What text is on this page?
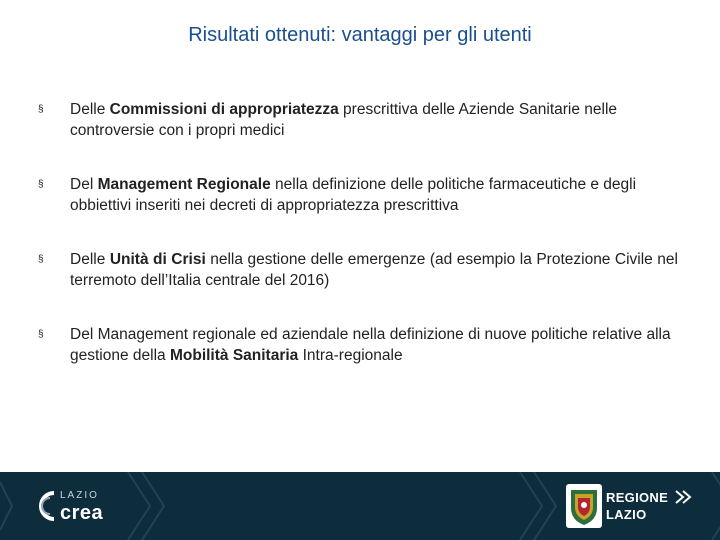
Risultati ottenuti: vantaggi per gli utenti
§ Delle Commissioni di appropriatezza prescrittiva delle Aziende Sanitarie nelle controversie con i propri medici
§ Del Management Regionale nella definizione delle politiche farmaceutiche e degli obbiettivi inseriti nei decreti di appropriatezza prescrittiva
§ Delle Unità di Crisi nella gestione delle emergenze (ad esempio la Protezione Civile nel terremoto dell’Italia centrale del 2016)
§ Del Management regionale ed aziendale nella definizione di nuove politiche relative alla gestione della Mobilità Sanitaria Intra-regionale
LAZIO
crea
REGIONE
LAZIO
